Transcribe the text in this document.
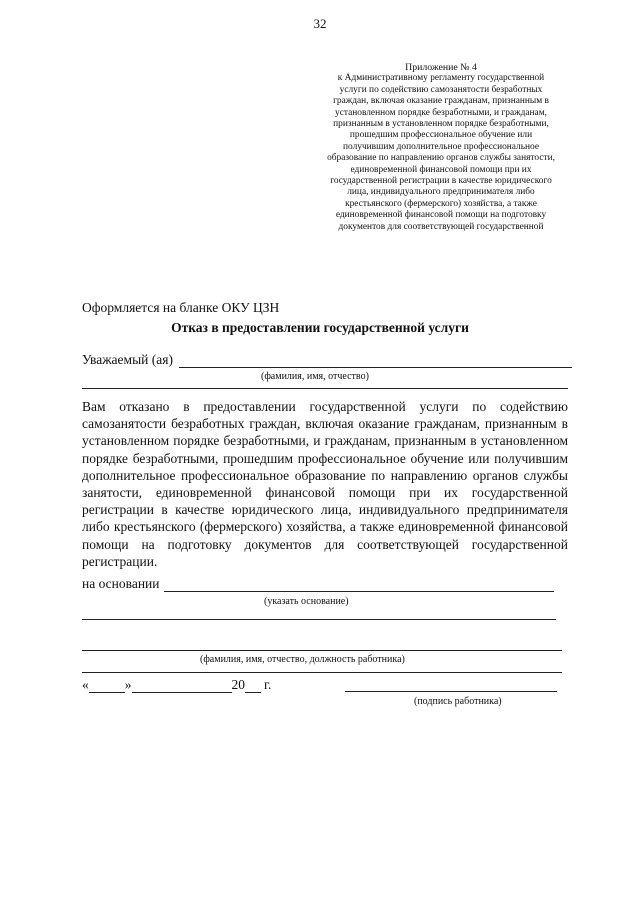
32
Приложение № 4
к Административному регламенту государственной
услуги по содействию самозанятости безработных
граждан, включая оказание гражданам, признанным в
установленном порядке безработными, и гражданам,
признанным в установленном порядке безработными,
прошедшим профессиональное обучение или
получившим дополнительное профессиональное
образование по направлению органов службы занятости,
единовременной финансовой помощи при их
государственной регистрации в качестве юридического
лица, индивидуального предпринимателя либо
крестьянского (фермерского) хозяйства, а также
единовременной финансовой помощи на подготовку
документов для соответствующей государственной
Оформляется на бланке ОКУ ЦЗН
Отказ в предоставлении государственной услуги
Уважаемый (ая)
(фамилия, имя, отчество)
Вам отказано в предоставлении государственной услуги по содействию самозанятости безработных граждан, включая оказание гражданам, признанным в установленном порядке безработными, и гражданам, признанным в установленном порядке безработными, прошедшим профессиональное обучение или получившим дополнительное профессиональное образование по направлению органов службы занятости, единовременной финансовой помощи при их государственной регистрации в качестве юридического лица, индивидуального предпринимателя либо крестьянского (фермерского) хозяйства, а также единовременной финансовой помощи на подготовку документов для соответствующей государственной регистрации.
на основании
(указать основание)
(фамилия, имя, отчество, должность работника)
«	»	20 г.
(подпись работника)
